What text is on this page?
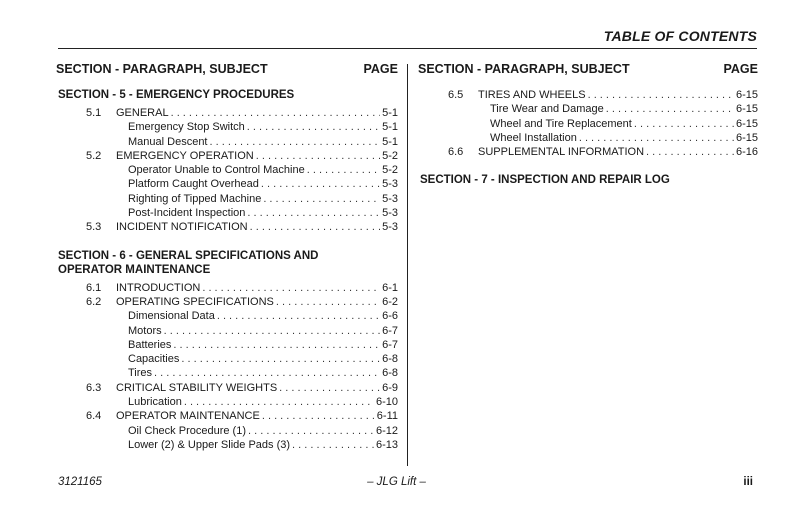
TABLE OF CONTENTS
SECTION - PARAGRAPH, SUBJECT	PAGE
SECTION - 5 - EMERGENCY PROCEDURES
5.1	GENERAL . . .	5-1
Emergency Stop Switch . . .	5-1
Manual Descent . . .	5-1
5.2	EMERGENCY OPERATION . . .	5-2
Operator Unable to Control Machine . . .	5-2
Platform Caught Overhead . . .	5-3
Righting of Tipped Machine . . .	5-3
Post-Incident Inspection . . .	5-3
5.3	INCIDENT NOTIFICATION . . .	5-3
SECTION - 6 - GENERAL SPECIFICATIONS AND
OPERATOR MAINTENANCE
6.1	INTRODUCTION . . .	6-1
6.2	OPERATING SPECIFICATIONS . . .	6-2
Dimensional Data . . .	6-6
Motors . . .	6-7
Batteries . . .	6-7
Capacities . . .	6-8
Tires . . .	6-8
6.3	CRITICAL STABILITY WEIGHTS . . .	6-9
Lubrication . . .	6-10
6.4	OPERATOR MAINTENANCE . . .	6-11
Oil Check Procedure (1) . . .	6-12
Lower (2) & Upper Slide Pads (3) . . .	6-13
SECTION - PARAGRAPH, SUBJECT	PAGE
6.5	TIRES AND WHEELS . . .	6-15
Tire Wear and Damage . . .	6-15
Wheel and Tire Replacement . . .	6-15
Wheel Installation . . .	6-15
6.6	SUPPLEMENTAL INFORMATION . . .	6-16
SECTION - 7 - INSPECTION AND REPAIR LOG
3121165	– JLG Lift –	iii
